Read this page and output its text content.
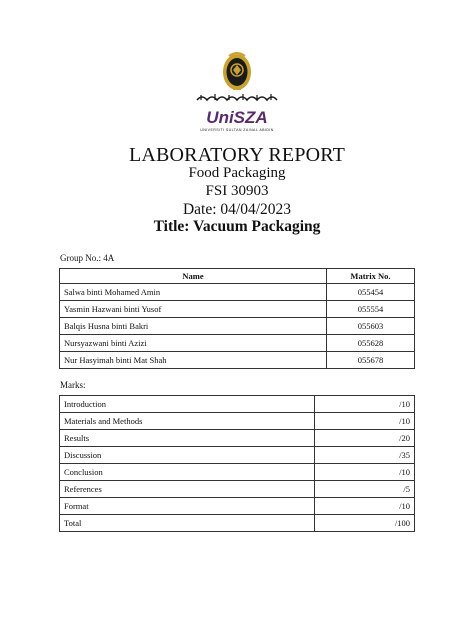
UniSZA
UNIVERSITI SULTAN ZAINAL ABIDIN
LABORATORY REPORT
Food Packaging
FSI 30903
Date: 04/04/2023
Title: Vacuum Packaging
Group No.: 4A
Name	Matrix No.
Salwa binti Mohamed Amin	055454
Yasmin Hazwani binti Yusof	055554
Balqis Husna binti Bakri	055603
Nursyazwani binti Azizi	055628
Nur Hasyimah binti Mat Shah	055678
Marks:
Introduction	/10
Materials and Methods	/10
Results	/20
Discussion	/35
Conclusion	/10
References	/5
Format	/10
Total	/100
